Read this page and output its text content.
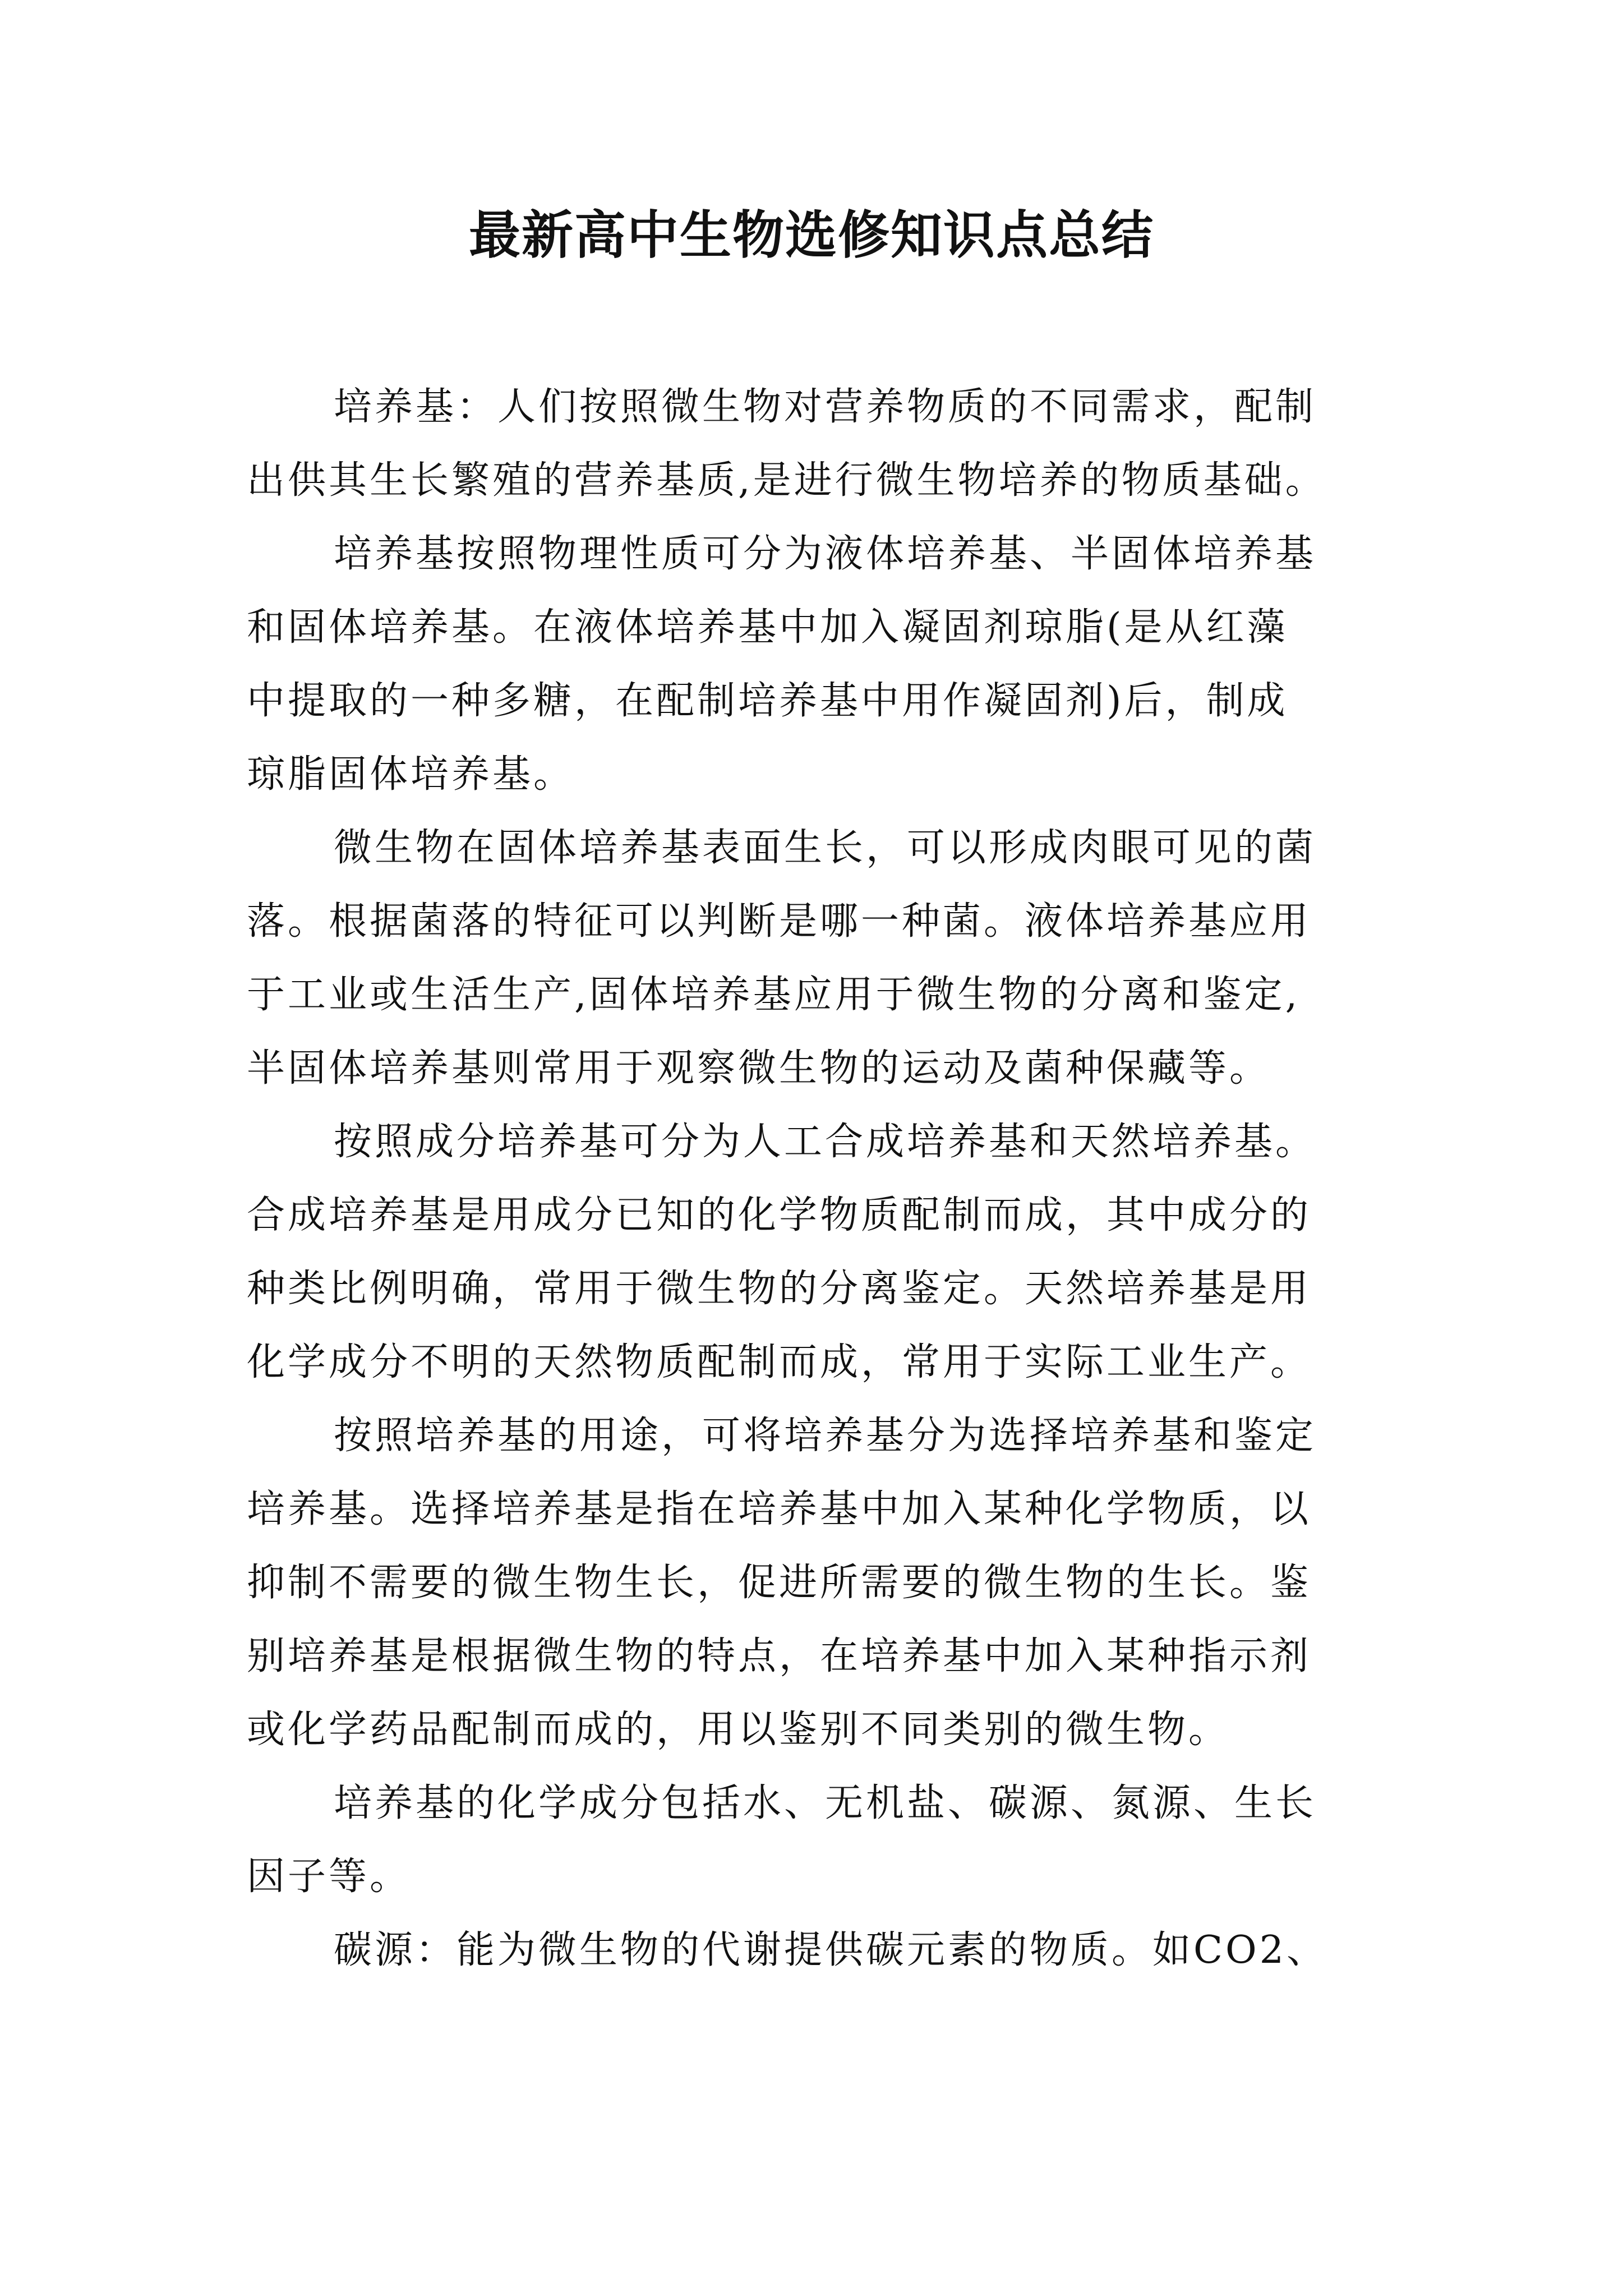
最新高中生物选修知识点总结
培养基：人们按照微生物对营养物质的不同需求，配制
出供其生长繁殖的营养基质,是进行微生物培养的物质基础。
培养基按照物理性质可分为液体培养基、半固体培养基
和固体培养基。在液体培养基中加入凝固剂琼脂(是从红藻
中提取的一种多糖，在配制培养基中用作凝固剂)后，制成
琼脂固体培养基。
微生物在固体培养基表面生长，可以形成肉眼可见的菌
落。根据菌落的特征可以判断是哪一种菌。液体培养基应用
于工业或生活生产,固体培养基应用于微生物的分离和鉴定,
半固体培养基则常用于观察微生物的运动及菌种保藏等。
按照成分培养基可分为人工合成培养基和天然培养基。
合成培养基是用成分已知的化学物质配制而成，其中成分的
种类比例明确，常用于微生物的分离鉴定。天然培养基是用
化学成分不明的天然物质配制而成，常用于实际工业生产。
按照培养基的用途，可将培养基分为选择培养基和鉴定
培养基。选择培养基是指在培养基中加入某种化学物质，以
抑制不需要的微生物生长，促进所需要的微生物的生长。鉴
别培养基是根据微生物的特点，在培养基中加入某种指示剂
或化学药品配制而成的，用以鉴别不同类别的微生物。
培养基的化学成分包括水、无机盐、碳源、氮源、生长
因子等。
碳源：能为微生物的代谢提供碳元素的物质。如CO2、
